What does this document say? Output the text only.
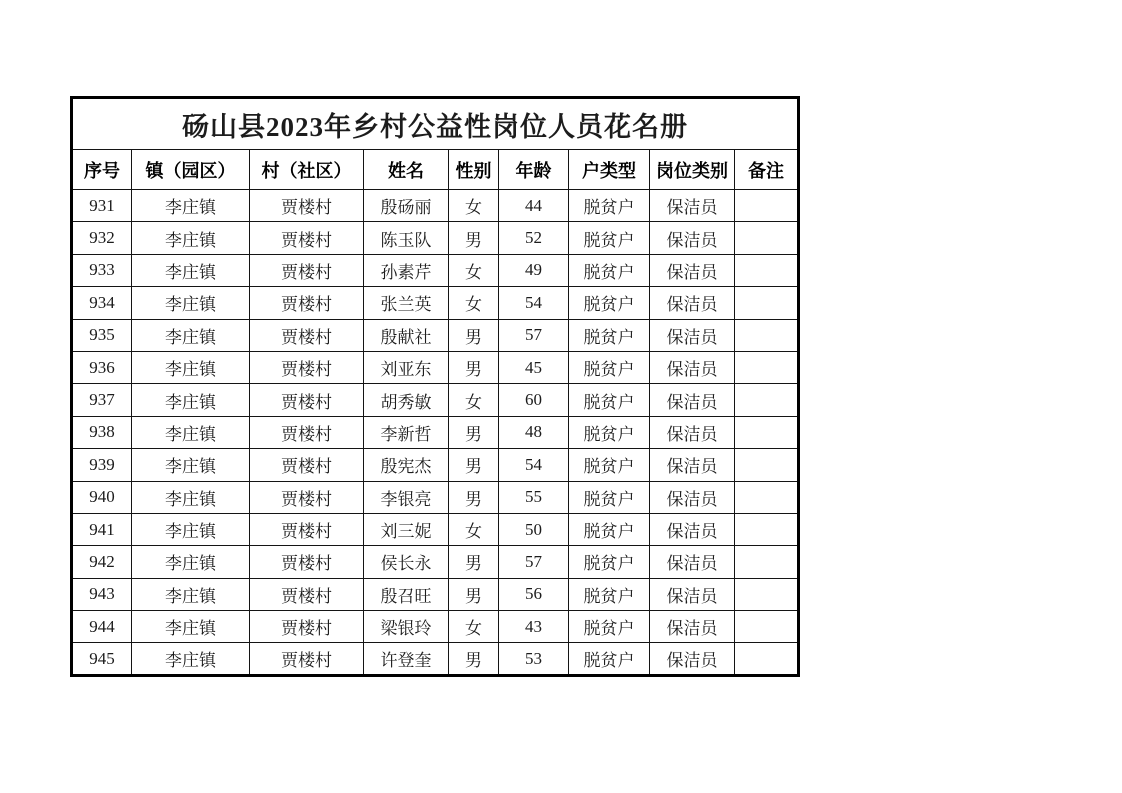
砀山县2023年乡村公益性岗位人员花名册								
序号	镇（园区）	村（社区）	姓名	性别	年龄	户类型	岗位类别	备注
931	李庄镇	贾楼村	殷砀丽	女	44	脱贫户	保洁员	
932	李庄镇	贾楼村	陈玉队	男	52	脱贫户	保洁员	
933	李庄镇	贾楼村	孙素芹	女	49	脱贫户	保洁员	
934	李庄镇	贾楼村	张兰英	女	54	脱贫户	保洁员	
935	李庄镇	贾楼村	殷献社	男	57	脱贫户	保洁员	
936	李庄镇	贾楼村	刘亚东	男	45	脱贫户	保洁员	
937	李庄镇	贾楼村	胡秀敏	女	60	脱贫户	保洁员	
938	李庄镇	贾楼村	李新哲	男	48	脱贫户	保洁员	
939	李庄镇	贾楼村	殷宪杰	男	54	脱贫户	保洁员	
940	李庄镇	贾楼村	李银亮	男	55	脱贫户	保洁员	
941	李庄镇	贾楼村	刘三妮	女	50	脱贫户	保洁员	
942	李庄镇	贾楼村	侯长永	男	57	脱贫户	保洁员	
943	李庄镇	贾楼村	殷召旺	男	56	脱贫户	保洁员	
944	李庄镇	贾楼村	梁银玲	女	43	脱贫户	保洁员	
945	李庄镇	贾楼村	许登奎	男	53	脱贫户	保洁员	
